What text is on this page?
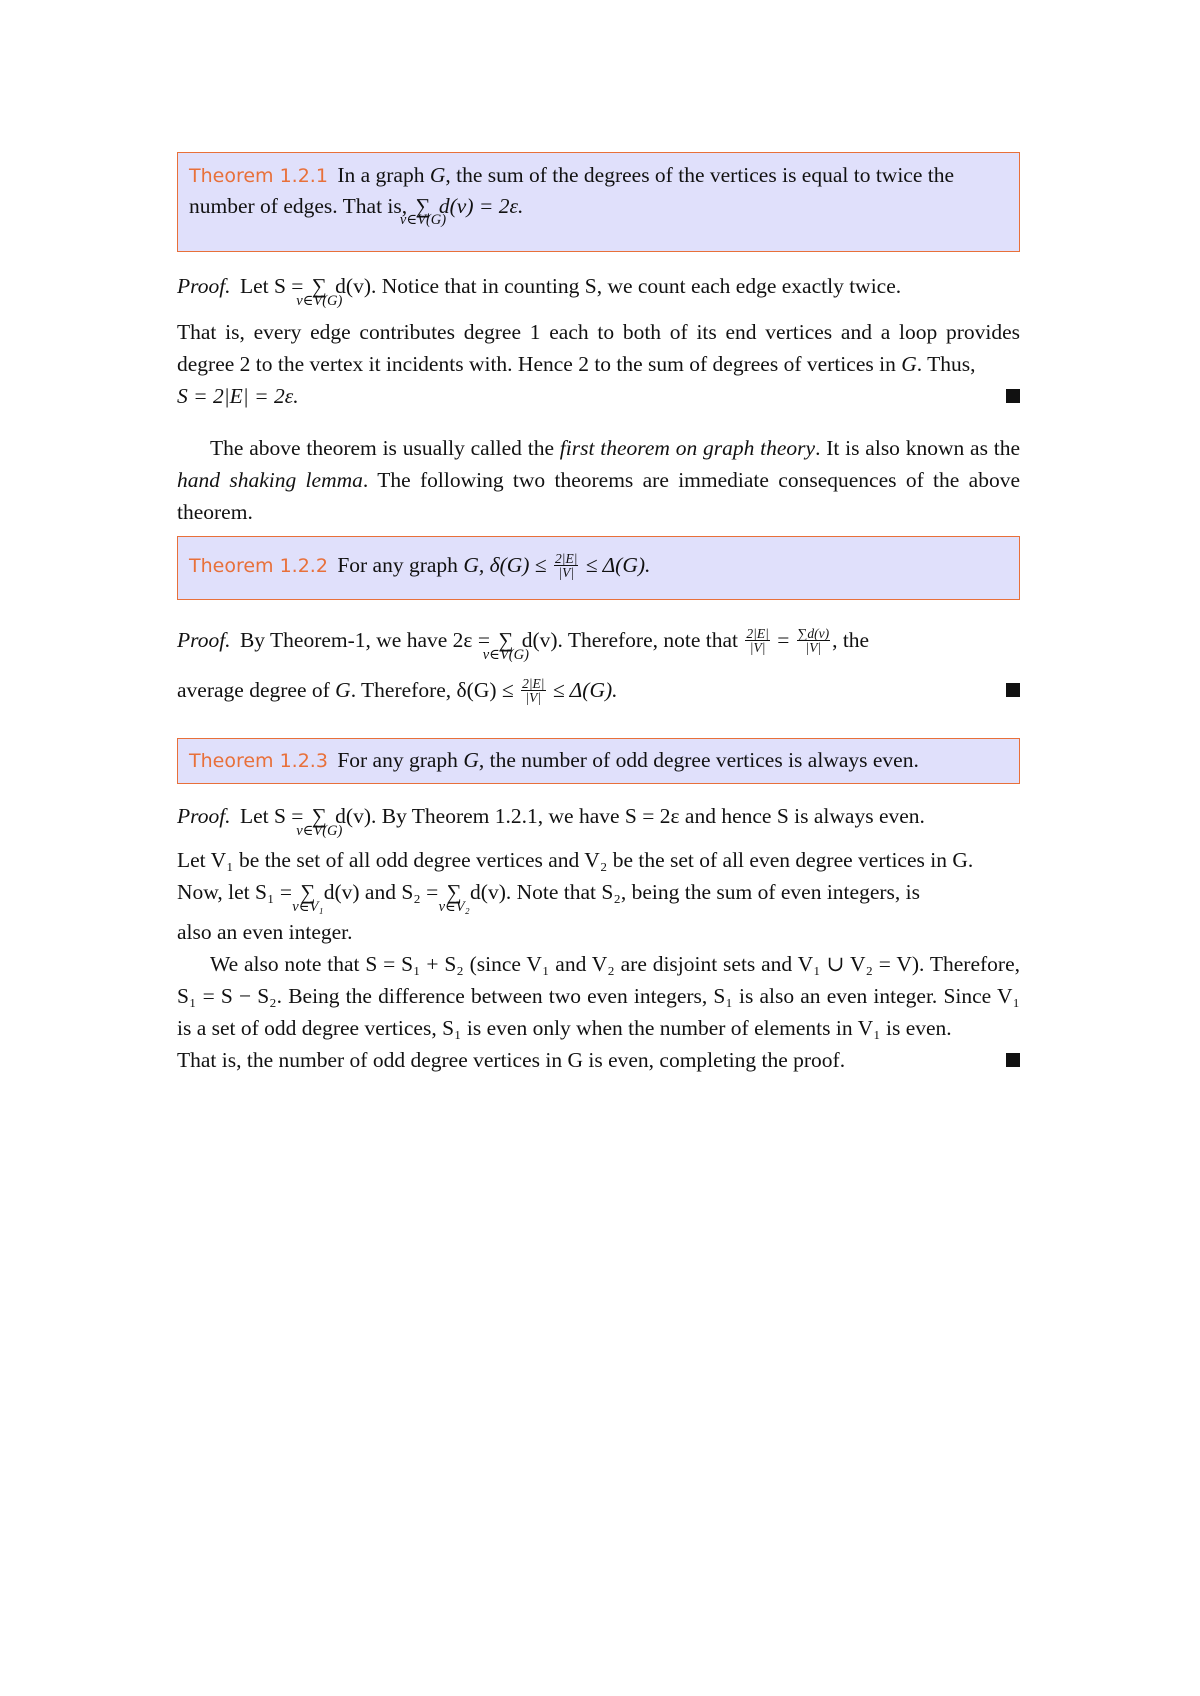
Theorem 1.2.1 In a graph G, the sum of the degrees of the vertices is equal to twice the number of edges. That is, ∑
v∈V(G)
d(v) = 2ε.

Proof. Let S = ∑
v∈V(G)
d(v). Notice that in counting S, we count each edge exactly twice.

That is, every edge contributes degree 1 each to both of its end vertices and a loop provides degree 2 to the vertex it incidents with. Hence 2 to the sum of degrees of vertices in G. Thus,

S = 2|E| = 2ε.

The above theorem is usually called the first theorem on graph theory. It is also known as the hand shaking lemma. The following two theorems are immediate consequences of the above theorem.

Theorem 1.2.2 For any graph G, $\delta(G) \le \frac{2|E|}{|V|} \le \Delta(G)$.

Proof. By Theorem-1, we have 2ε = ∑
v∈V(G)
d(v). Therefore, note that $\frac{2|E|}{|V|} = \frac{\sum d(v)}{|V|}$ , the

average degree of G. Therefore, $\delta(G) \le \frac{2|E|}{|V|} \le \Delta(G)$.
Theorem 1.2.3 For any graph G, the number of odd degree vertices is always even.

Proof. Let S = ∑
v∈V(G)
d(v). By Theorem 1.2.1, we have S = 2ε and hence S is always even.

Let V₁ be the set of all odd degree vertices and V₂ be the set of all even degree vertices in G.

Now, let S₁ = ∑
v∈V₁
d(v) and S₂ = ∑
v∈V₂
d(v). Note that S₂, being the sum of even integers, is

also an even integer.

We also note that S = S₁ + S₂ (since V₁ and V₂ are disjoint sets and V₁ ∪ V₂ = V). Therefore, S₁ = S − S₂. Being the difference between two even integers, S₁ is also an even integer. Since V₁ is a set of odd degree vertices, S₁ is even only when the number of elements in V₁ is even.

That is, the number of odd degree vertices in G is even, completing the proof.
